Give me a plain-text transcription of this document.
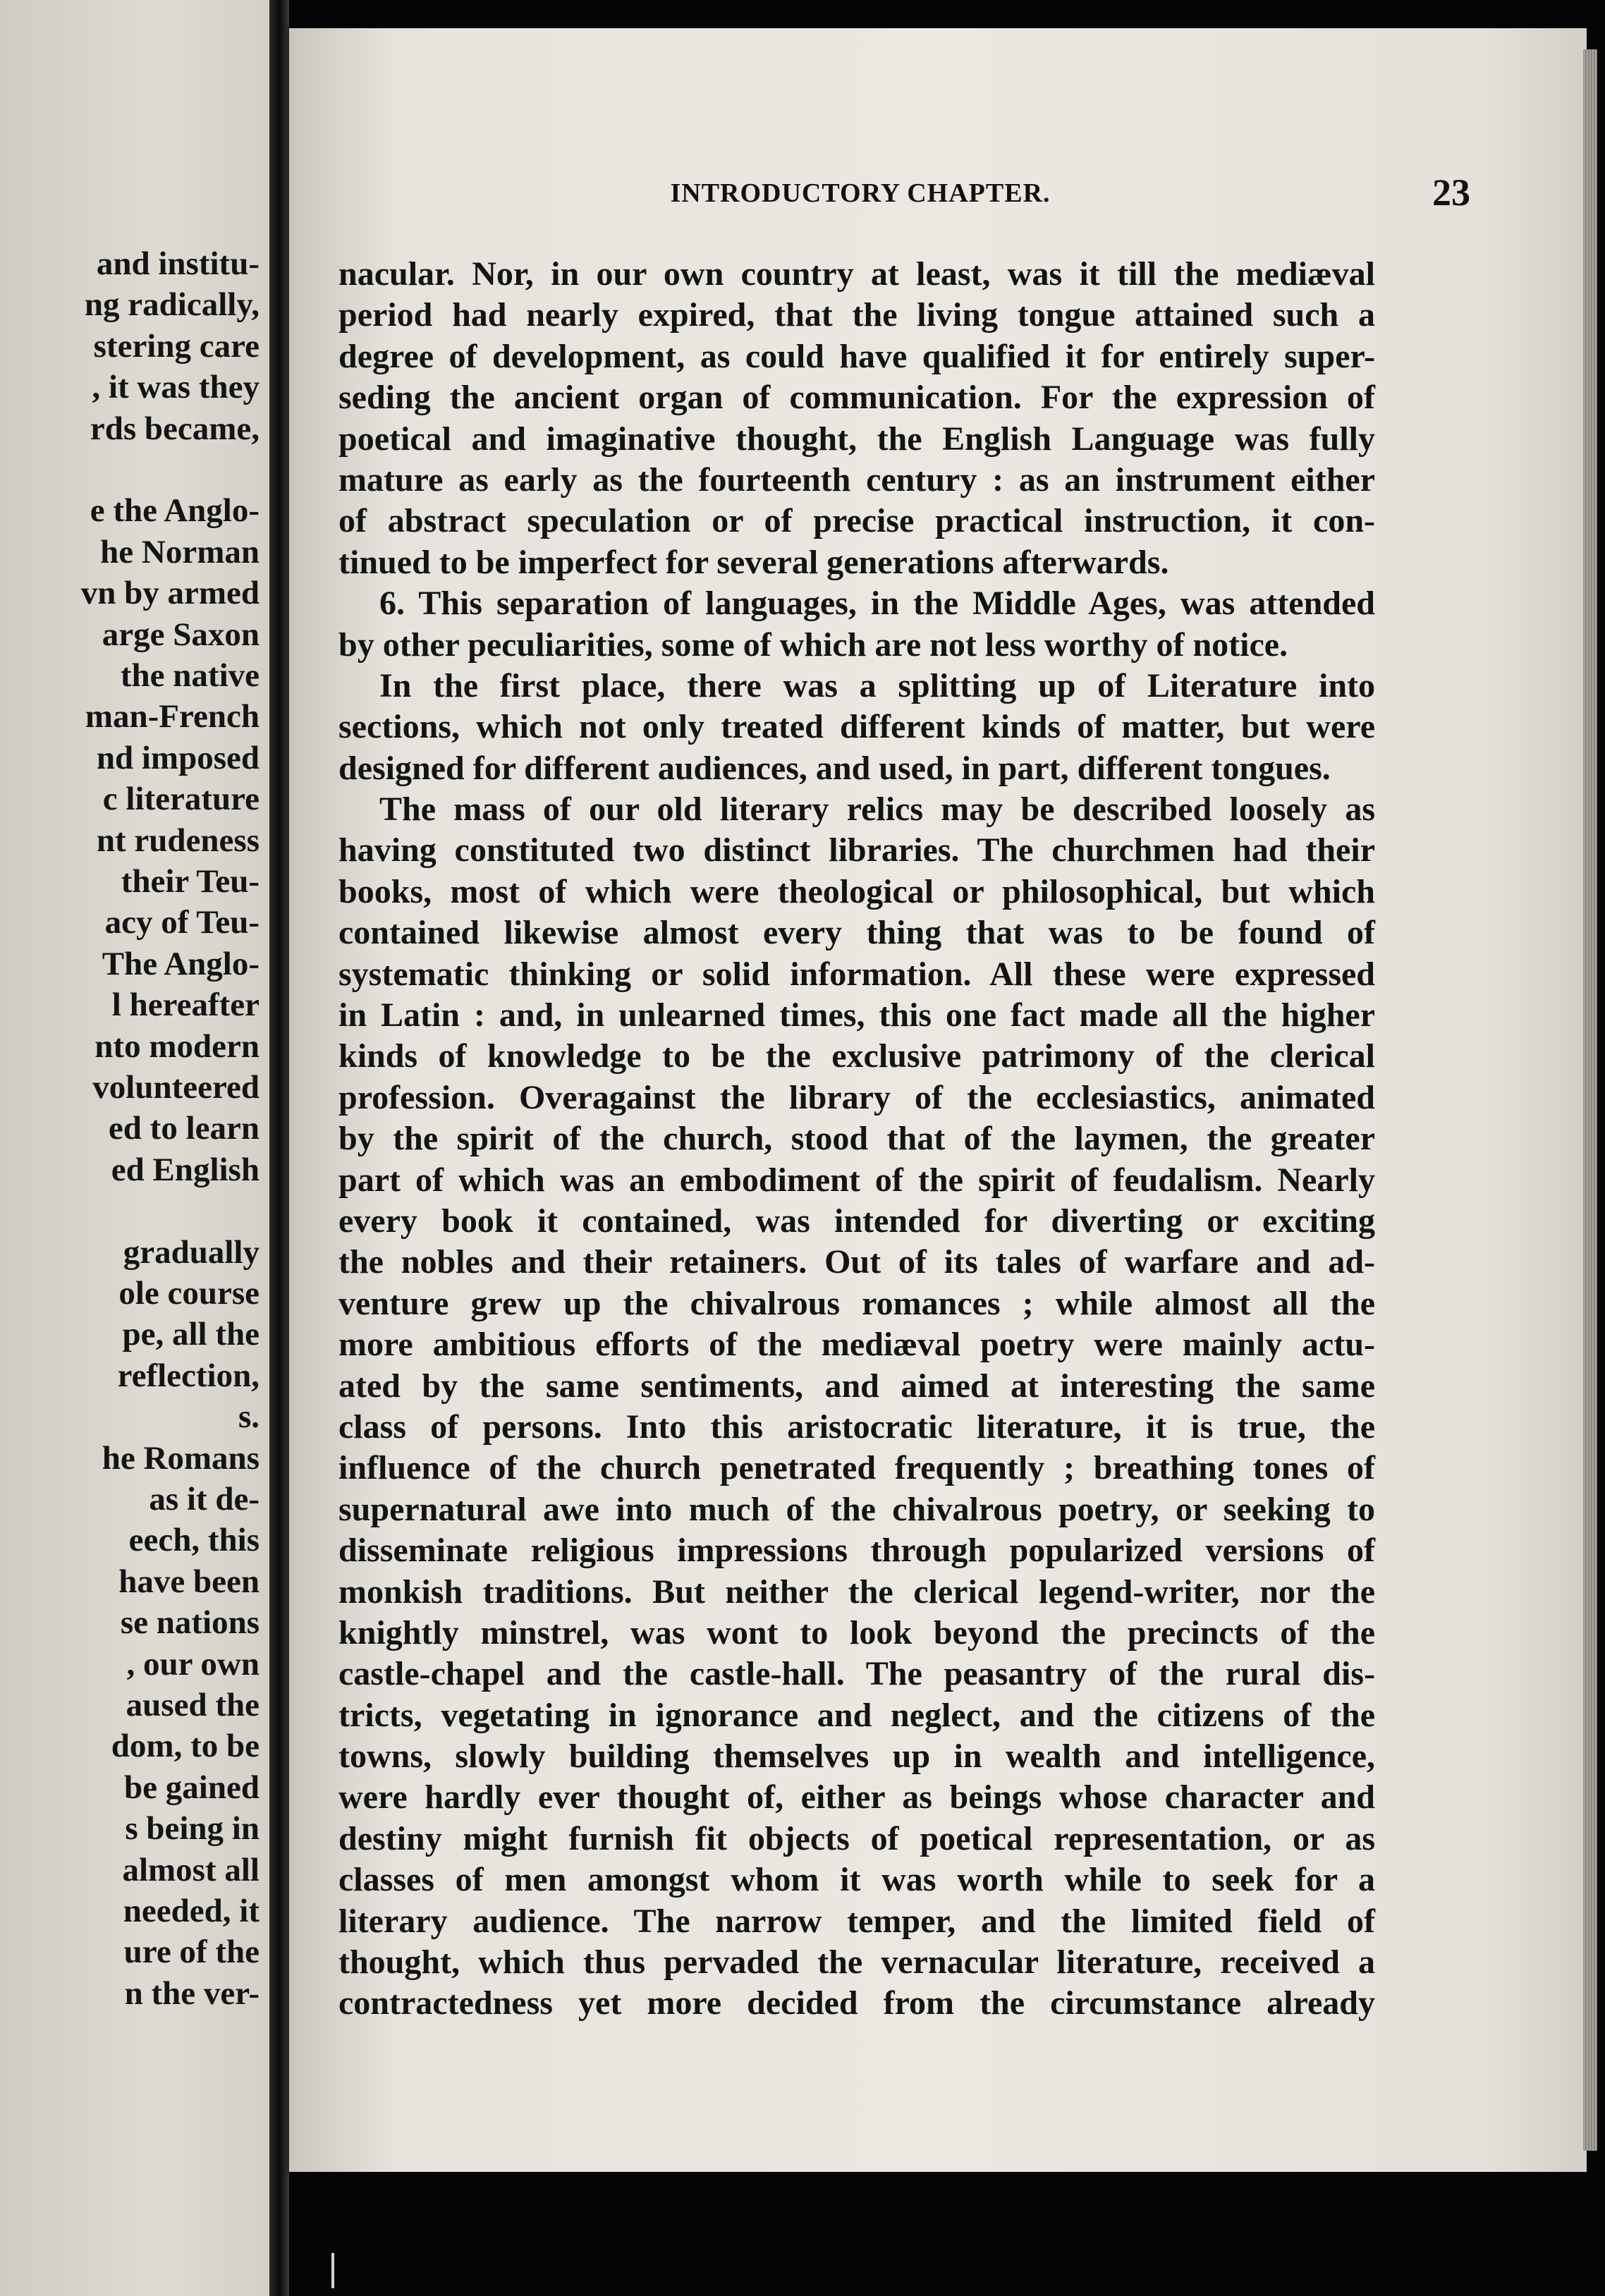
and institu-
ng radically,
stering care
, it was they
rds became,
e the Anglo-
he Norman
vn by armed
arge Saxon
the native
man-French
nd imposed
c literature
nt rudeness
their Teu-
acy of Teu-
The Anglo-
l hereafter
nto modern
volunteered
ed to learn
ed English
gradually
ole course
pe, all the
reflection,
s.
he Romans
as it de-
eech, this
have been
se nations
, our own
aused the
dom, to be
be gained
s being in
almost all
needed, it
ure of the
n the ver-
INTRODUCTORY CHAPTER.	23
nacular. Nor, in our own country at least, was it till the mediæval
period had nearly expired, that the living tongue attained such a
degree of development, as could have qualified it for entirely super-
seding the ancient organ of communication. For the expression of
poetical and imaginative thought, the English Language was fully
mature as early as the fourteenth century : as an instrument either
of abstract speculation or of precise practical instruction, it con-
tinued to be imperfect for several generations afterwards.
6. This separation of languages, in the Middle Ages, was attended
by other peculiarities, some of which are not less worthy of notice.
In the first place, there was a splitting up of Literature into
sections, which not only treated different kinds of matter, but were
designed for different audiences, and used, in part, different tongues.
The mass of our old literary relics may be described loosely as
having constituted two distinct libraries. The churchmen had their
books, most of which were theological or philosophical, but which
contained likewise almost every thing that was to be found of
systematic thinking or solid information. All these were expressed
in Latin : and, in unlearned times, this one fact made all the higher
kinds of knowledge to be the exclusive patrimony of the clerical
profession. Overagainst the library of the ecclesiastics, animated
by the spirit of the church, stood that of the laymen, the greater
part of which was an embodiment of the spirit of feudalism. Nearly
every book it contained, was intended for diverting or exciting
the nobles and their retainers. Out of its tales of warfare and ad-
venture grew up the chivalrous romances ; while almost all the
more ambitious efforts of the mediæval poetry were mainly actu-
ated by the same sentiments, and aimed at interesting the same
class of persons. Into this aristocratic literature, it is true, the
influence of the church penetrated frequently ; breathing tones of
supernatural awe into much of the chivalrous poetry, or seeking to
disseminate religious impressions through popularized versions of
monkish traditions. But neither the clerical legend-writer, nor the
knightly minstrel, was wont to look beyond the precincts of the
castle-chapel and the castle-hall. The peasantry of the rural dis-
tricts, vegetating in ignorance and neglect, and the citizens of the
towns, slowly building themselves up in wealth and intelligence,
were hardly ever thought of, either as beings whose character and
destiny might furnish fit objects of poetical representation, or as
classes of men amongst whom it was worth while to seek for a
literary audience. The narrow temper, and the limited field of
thought, which thus pervaded the vernacular literature, received a
contractedness yet more decided from the circumstance already
